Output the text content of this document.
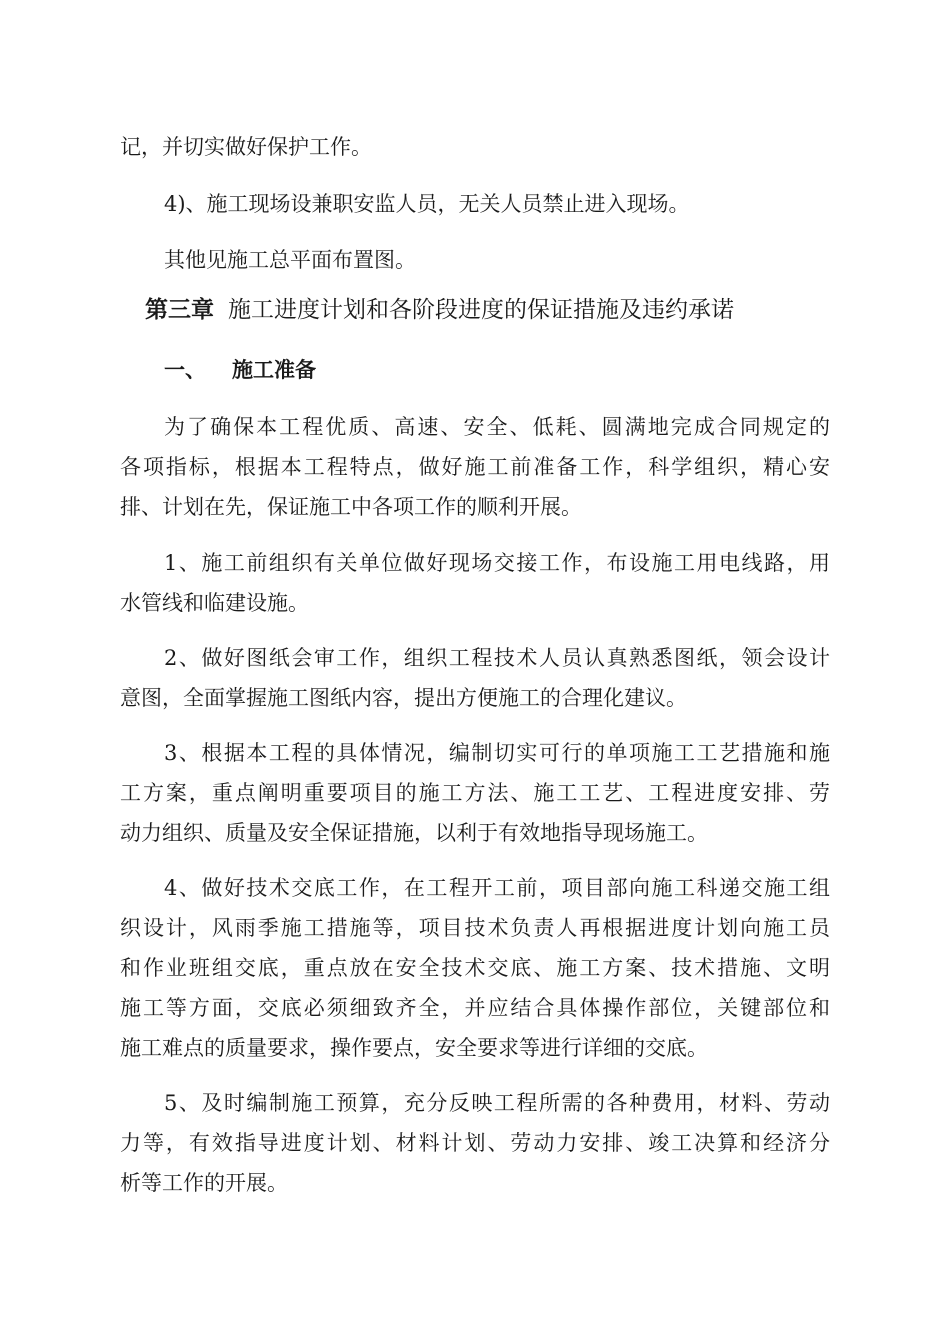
记，并切实做好保护工作。

4)、施工现场设兼职安监人员，无关人员禁止进入现场。

其他见施工总平面布置图。

第三章 施工进度计划和各阶段进度的保证措施及违约承诺
一、 施工准备

为了确保本工程优质、高速、安全、低耗、圆满地完成合同规定的

各项指标，根据本工程特点，做好施工前准备工作，科学组织，精心安

排、计划在先，保证施工中各项工作的顺利开展。

1、施工前组织有关单位做好现场交接工作，布设施工用电线路，用

水管线和临建设施。

2、做好图纸会审工作，组织工程技术人员认真熟悉图纸，领会设计

意图，全面掌握施工图纸内容，提出方便施工的合理化建议。

3、根据本工程的具体情况，编制切实可行的单项施工工艺措施和施

工方案，重点阐明重要项目的施工方法、施工工艺、工程进度安排、劳

动力组织、质量及安全保证措施，以利于有效地指导现场施工。

4、做好技术交底工作，在工程开工前，项目部向施工科递交施工组

织设计，风雨季施工措施等，项目技术负责人再根据进度计划向施工员

和作业班组交底，重点放在安全技术交底、施工方案、技术措施、文明

施工等方面，交底必须细致齐全，并应结合具体操作部位，关键部位和

施工难点的质量要求，操作要点，安全要求等进行详细的交底。

5、及时编制施工预算，充分反映工程所需的各种费用，材料、劳动

力等，有效指导进度计划、材料计划、劳动力安排、竣工决算和经济分

析等工作的开展。
